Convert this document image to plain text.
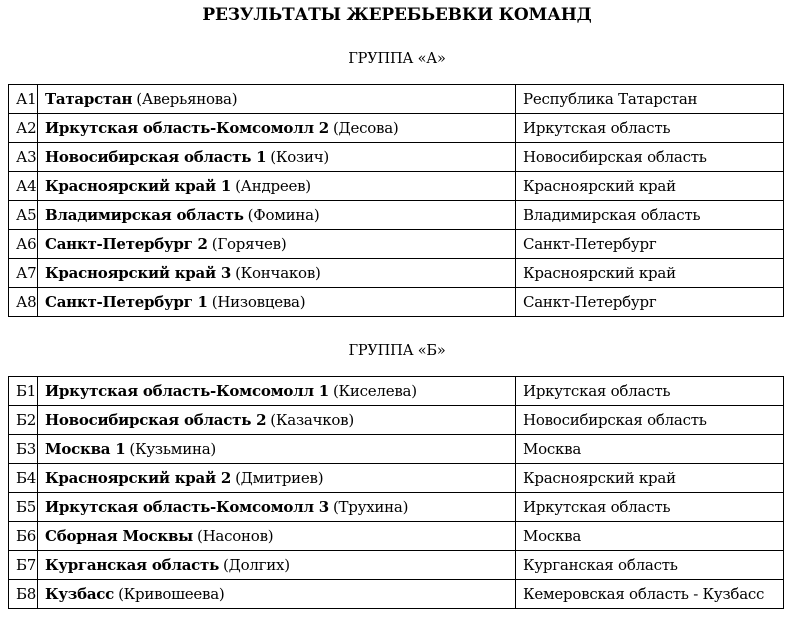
РЕЗУЛЬТАТЫ ЖЕРЕБЬЕВКИ КОМАНД
ГРУППА «А»
А1	Татарстан (Аверьянова)	Республика Татарстан
А2	Иркутская область-Комсомолл 2 (Десова)	Иркутская область
А3	Новосибирская область 1 (Козич)	Новосибирская область
А4	Красноярский край 1 (Андреев)	Красноярский край
А5	Владимирская область (Фомина)	Владимирская область
А6	Санкт-Петербург 2 (Горячев)	Санкт-Петербург
А7	Красноярский край 3 (Кончаков)	Красноярский край
А8	Санкт-Петербург 1 (Низовцева)	Санкт-Петербург
ГРУППА «Б»
Б1	Иркутская область-Комсомолл 1 (Киселева)	Иркутская область
Б2	Новосибирская область 2 (Казачков)	Новосибирская область
Б3	Москва 1 (Кузьмина)	Москва
Б4	Красноярский край 2 (Дмитриев)	Красноярский край
Б5	Иркутская область-Комсомолл 3 (Трухина)	Иркутская область
Б6	Сборная Москвы (Насонов)	Москва
Б7	Курганская область (Долгих)	Курганская область
Б8	Кузбасс (Кривошеева)	Кемеровская область - Кузбасс
